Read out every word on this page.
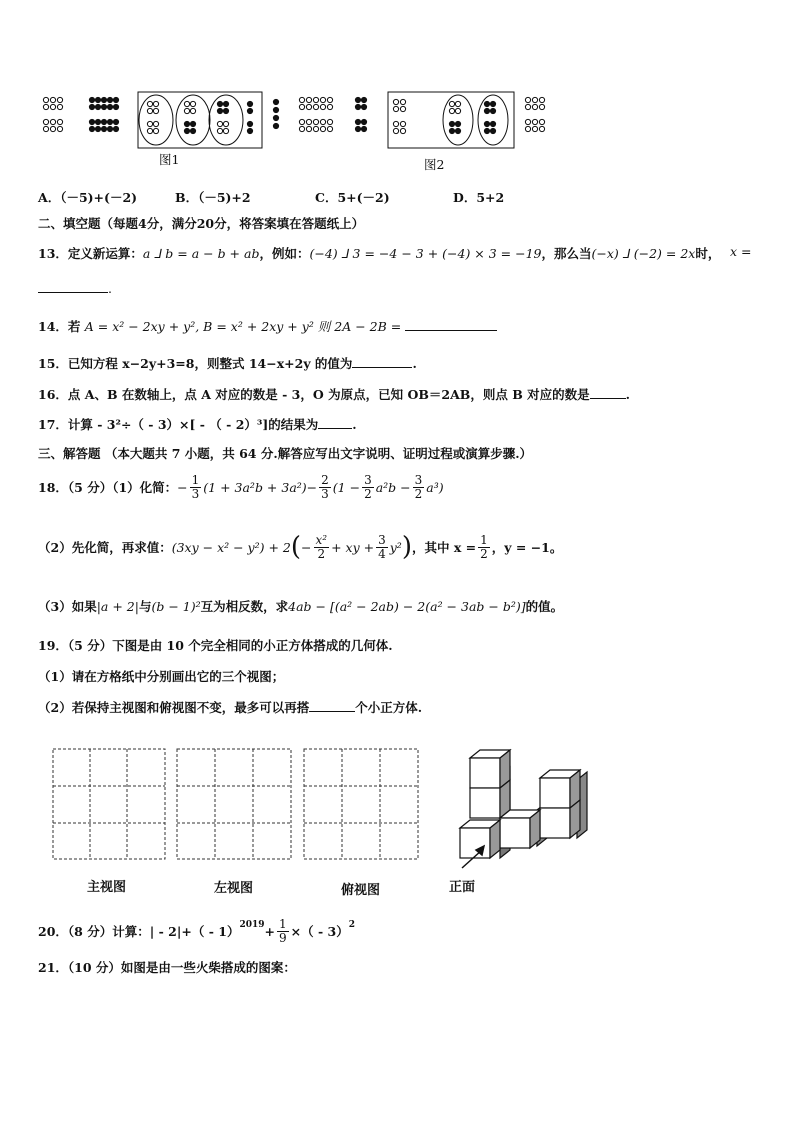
图1	图2
A．（－5)+(－2)	B．（－5)+2	C．5+(－2)	D．5+2
二、填空题（每题4分，满分20分，将答案填在答题纸上）
13．定义新运算：a ⅃ b = a − b + ab，例如：(−4) ⅃ 3 = −4 − 3 + (−4) × 3 = −19，那么当(−x) ⅃ (−2) = 2x时， x =
.
14．若 A = x² − 2xy + y², B = x² + 2xy + y² 则 2A − 2B =
15．已知方程 x−2y+3=8，则整式 14−x+2y 的值为	.
16．点 A、B 在数轴上，点 A 对应的数是 - 3，O 为原点，已知 OB＝2AB，则点 B 对应的数是	.
17．计算 - 3²÷（ - 3）×[ - （ - 2）³]的结果为	.
三、解答题 （本大题共 7 小题，共 64 分.解答应写出文字说明、证明过程或演算步骤.）
18．（5 分）（1）化简： − $\frac{1}{3} (1 + 3a^2b + 3a^2) - \frac{2}{3} (1 - \frac{3}{2} a^2b - \frac{3}{2} a^3)$
（2）先化简，再求值： (3xy − x² − y²) + 2 ( − $\frac{\text{x²}}{2}$ + xy + $\frac{3}{4} y^2$ ) ，其中 $x = \frac{1}{2}$ ，y = −1。
（3）如果|a + 2|与(b − 1)²互为相反数，求4ab − [(a² − 2ab) − 2(a² − 3ab − b²)]的值。
19．（5 分）下图是由 10 个完全相同的小正方体搭成的几何体.
（1）请在方格纸中分别画出它的三个视图；
（2）若保持主视图和俯视图不变，最多可以再搭	个小正方体.
主视图	左视图	俯视图	正面
20．（8 分）计算：| - $2|+( - 1)^{2019} + \frac{1}{9}$ ×（ - 3）$^2$
21．（10 分）如图是由一些火柴搭成的图案：
